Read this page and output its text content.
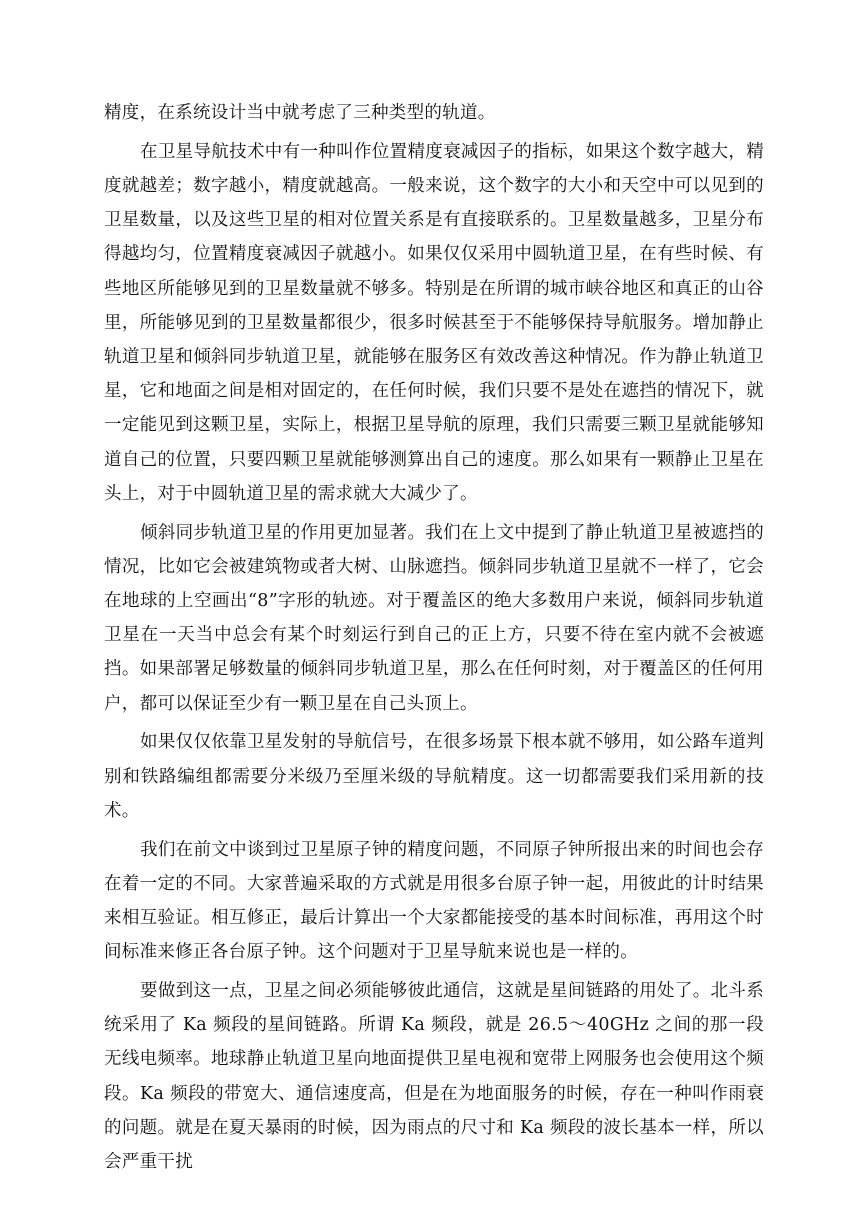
精度，在系统设计当中就考虑了三种类型的轨道。

在卫星导航技术中有一种叫作位置精度衰减因子的指标，如果这个数字越大，精度就越差；数字越小，精度就越高。一般来说，这个数字的大小和天空中可以见到的卫星数量，以及这些卫星的相对位置关系是有直接联系的。卫星数量越多，卫星分布得越均匀，位置精度衰减因子就越小。如果仅仅采用中圆轨道卫星，在有些时候、有些地区所能够见到的卫星数量就不够多。特别是在所谓的城市峡谷地区和真正的山谷里，所能够见到的卫星数量都很少，很多时候甚至于不能够保持导航服务。增加静止轨道卫星和倾斜同步轨道卫星，就能够在服务区有效改善这种情况。作为静止轨道卫星，它和地面之间是相对固定的，在任何时候，我们只要不是处在遮挡的情况下，就一定能见到这颗卫星，实际上，根据卫星导航的原理，我们只需要三颗卫星就能够知道自己的位置，只要四颗卫星就能够测算出自己的速度。那么如果有一颗静止卫星在头上，对于中圆轨道卫星的需求就大大减少了。

倾斜同步轨道卫星的作用更加显著。我们在上文中提到了静止轨道卫星被遮挡的情况，比如它会被建筑物或者大树、山脉遮挡。倾斜同步轨道卫星就不一样了，它会在地球的上空画出“8”字形的轨迹。对于覆盖区的绝大多数用户来说，倾斜同步轨道卫星在一天当中总会有某个时刻运行到自己的正上方，只要不待在室内就不会被遮挡。如果部署足够数量的倾斜同步轨道卫星，那么在任何时刻，对于覆盖区的任何用户，都可以保证至少有一颗卫星在自己头顶上。

如果仅仅依靠卫星发射的导航信号，在很多场景下根本就不够用，如公路车道判别和铁路编组都需要分米级乃至厘米级的导航精度。这一切都需要我们采用新的技术。

我们在前文中谈到过卫星原子钟的精度问题，不同原子钟所报出来的时间也会存在着一定的不同。大家普遍采取的方式就是用很多台原子钟一起，用彼此的计时结果来相互验证。相互修正，最后计算出一个大家都能接受的基本时间标准，再用这个时间标准来修正各台原子钟。这个问题对于卫星导航来说也是一样的。

要做到这一点，卫星之间必须能够彼此通信，这就是星间链路的用处了。北斗系统采用了 Ka 频段的星间链路。所谓 Ka 频段，就是 26.5～40GHz 之间的那一段无线电频率。地球静止轨道卫星向地面提供卫星电视和宽带上网服务也会使用这个频段。Ka 频段的带宽大、通信速度高，但是在为地面服务的时候，存在一种叫作雨衰的问题。就是在夏天暴雨的时候，因为雨点的尺寸和 Ka 频段的波长基本一样，所以会严重干扰
